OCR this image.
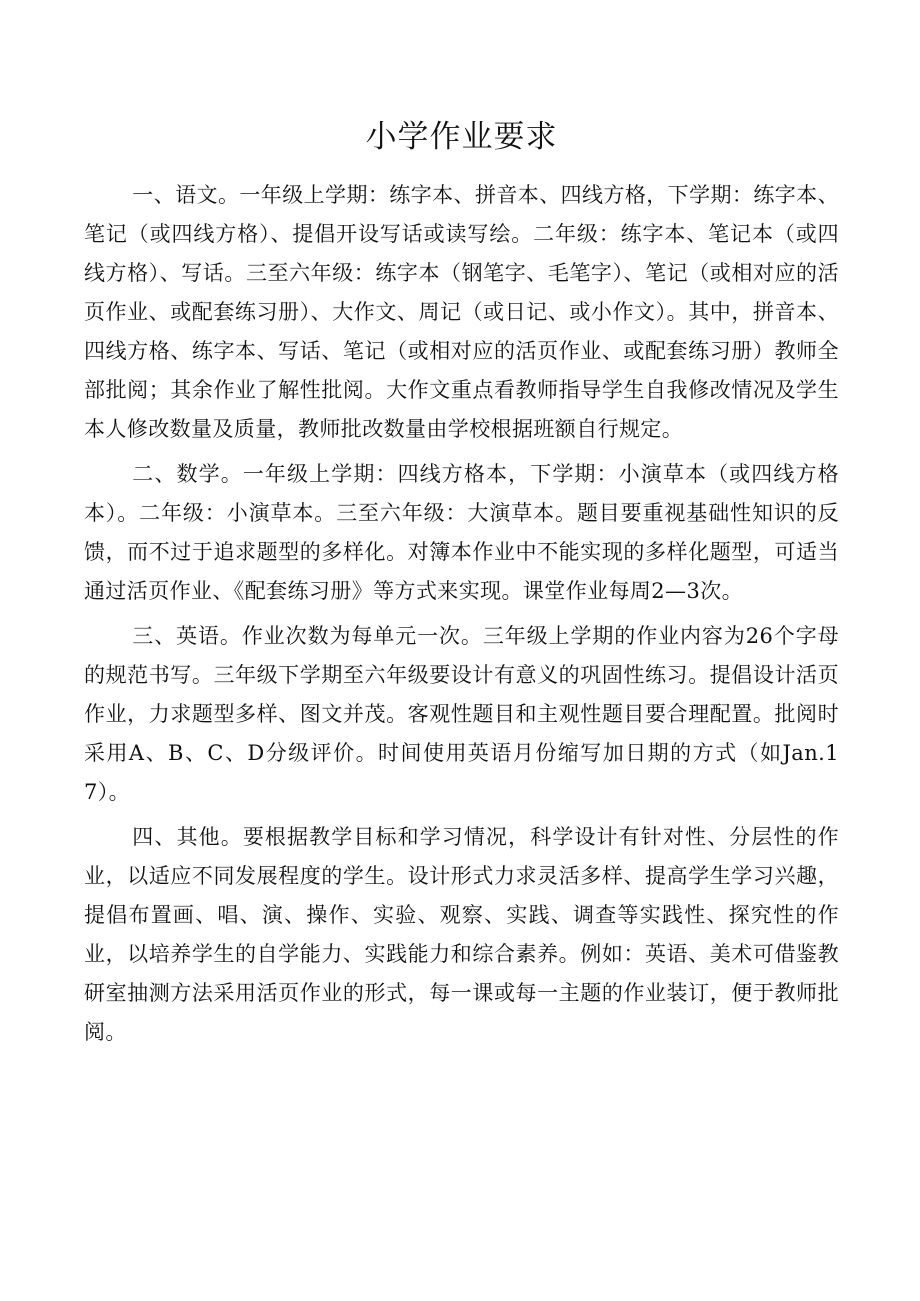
小学作业要求

一、语文。一年级上学期：练字本、拼音本、四线方格，下学期：练字本、笔记（或四线方格）、提倡开设写话或读写绘。二年级：练字本、笔记本（或四线方格）、写话。三至六年级：练字本（钢笔字、毛笔字）、笔记（或相对应的活页作业、或配套练习册）、大作文、周记（或日记、或小作文）。其中，拼音本、四线方格、练字本、写话、笔记（或相对应的活页作业、或配套练习册）教师全部批阅；其余作业了解性批阅。大作文重点看教师指导学生自我修改情况及学生本人修改数量及质量，教师批改数量由学校根据班额自行规定。

二、数学。一年级上学期：四线方格本，下学期：小演草本（或四线方格本）。二年级：小演草本。三至六年级：大演草本。题目要重视基础性知识的反馈，而不过于追求题型的多样化。对簿本作业中不能实现的多样化题型，可适当通过活页作业、《配套练习册》等方式来实现。课堂作业每周2—3次。

三、英语。作业次数为每单元一次。三年级上学期的作业内容为26个字母的规范书写。三年级下学期至六年级要设计有意义的巩固性练习。提倡设计活页作业，力求题型多样、图文并茂。客观性题目和主观性题目要合理配置。批阅时采用A、B、C、D分级评价。时间使用英语月份缩写加日期的方式（如Jan.17）。

四、其他。要根据教学目标和学习情况，科学设计有针对性、分层性的作业，以适应不同发展程度的学生。设计形式力求灵活多样、提高学生学习兴趣，提倡布置画、唱、演、操作、实验、观察、实践、调查等实践性、探究性的作业，以培养学生的自学能力、实践能力和综合素养。例如：英语、美术可借鉴教研室抽测方法采用活页作业的形式，每一课或每一主题的作业装订，便于教师批阅。
